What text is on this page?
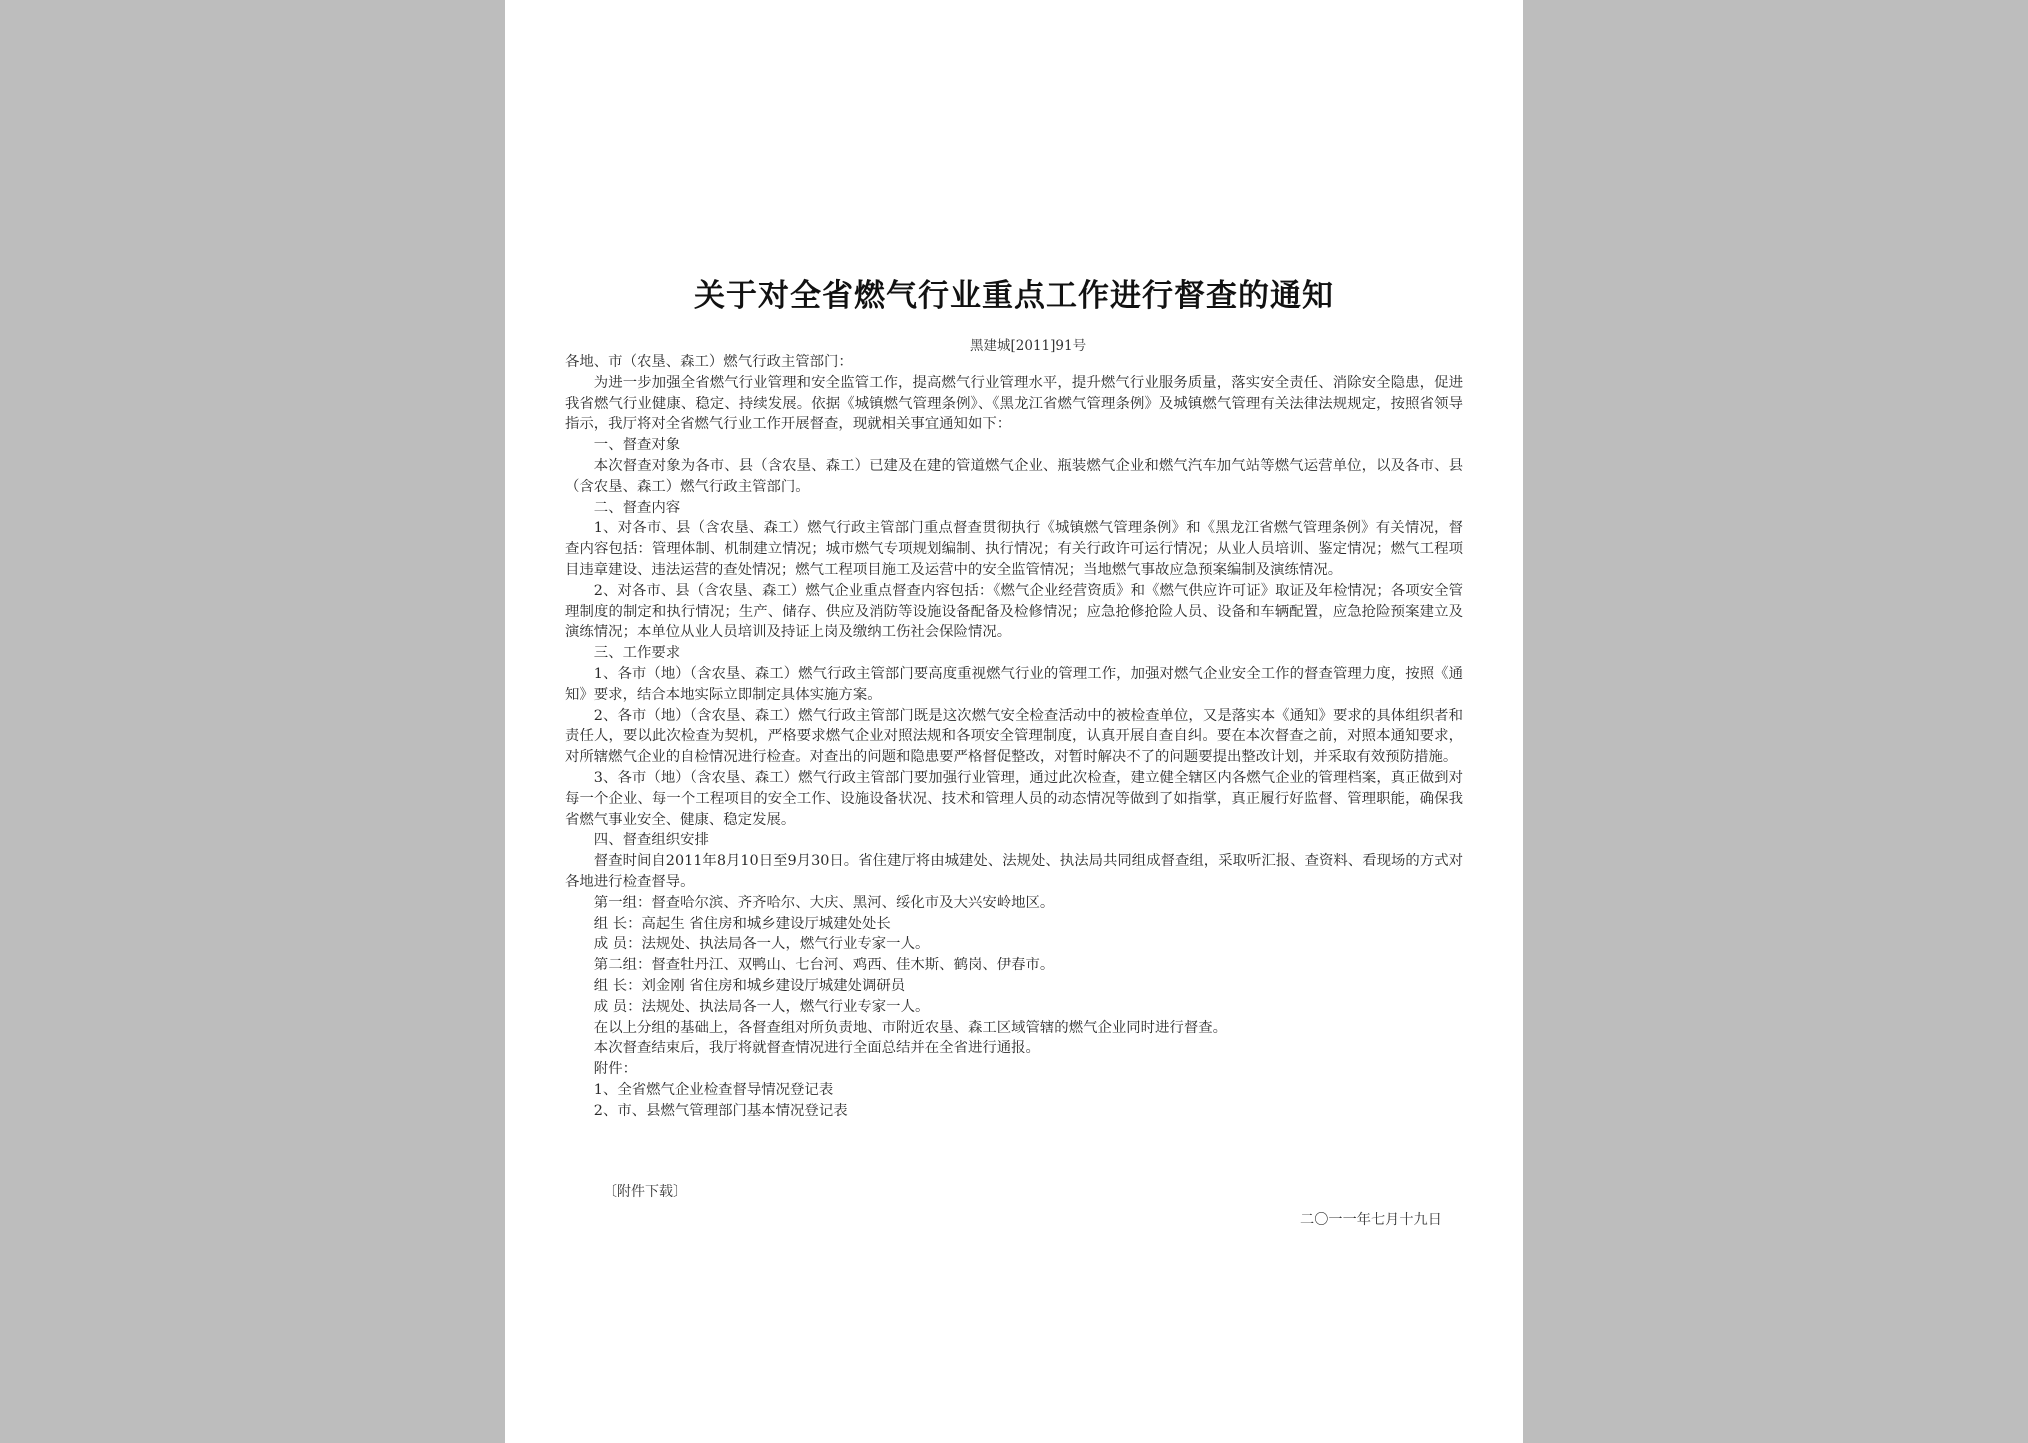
关于对全省燃气行业重点工作进行督查的通知
黑建城[2011]91号

各地、市（农垦、森工）燃气行政主管部门：

为进一步加强全省燃气行业管理和安全监管工作，提高燃气行业管理水平，提升燃气行业服务质量，落实安全责任、消除安全隐患，促进我省燃气行业健康、稳定、持续发展。依据《城镇燃气管理条例》、《黑龙江省燃气管理条例》及城镇燃气管理有关法律法规规定，按照省领导指示，我厅将对全省燃气行业工作开展督查，现就相关事宜通知如下：

一、督查对象

本次督查对象为各市、县（含农垦、森工）已建及在建的管道燃气企业、瓶装燃气企业和燃气汽车加气站等燃气运营单位，以及各市、县（含农垦、森工）燃气行政主管部门。

二、督查内容

1、对各市、县（含农垦、森工）燃气行政主管部门重点督查贯彻执行《城镇燃气管理条例》和《黑龙江省燃气管理条例》有关情况，督查内容包括：管理体制、机制建立情况；城市燃气专项规划编制、执行情况；有关行政许可运行情况；从业人员培训、鉴定情况；燃气工程项目违章建设、违法运营的查处情况；燃气工程项目施工及运营中的安全监管情况；当地燃气事故应急预案编制及演练情况。

2、对各市、县（含农垦、森工）燃气企业重点督查内容包括：《燃气企业经营资质》和《燃气供应许可证》取证及年检情况；各项安全管理制度的制定和执行情况；生产、储存、供应及消防等设施设备配备及检修情况；应急抢修抢险人员、设备和车辆配置，应急抢险预案建立及演练情况；本单位从业人员培训及持证上岗及缴纳工伤社会保险情况。

三、工作要求

1、各市（地）（含农垦、森工）燃气行政主管部门要高度重视燃气行业的管理工作，加强对燃气企业安全工作的督查管理力度，按照《通知》要求，结合本地实际立即制定具体实施方案。

2、各市（地）（含农垦、森工）燃气行政主管部门既是这次燃气安全检查活动中的被检查单位，又是落实本《通知》要求的具体组织者和责任人，要以此次检查为契机，严格要求燃气企业对照法规和各项安全管理制度，认真开展自查自纠。要在本次督查之前，对照本通知要求，对所辖燃气企业的自检情况进行检查。对查出的问题和隐患要严格督促整改，对暂时解决不了的问题要提出整改计划，并采取有效预防措施。

3、各市（地）（含农垦、森工）燃气行政主管部门要加强行业管理，通过此次检查，建立健全辖区内各燃气企业的管理档案，真正做到对每一个企业、每一个工程项目的安全工作、设施设备状况、技术和管理人员的动态情况等做到了如指掌，真正履行好监督、管理职能，确保我省燃气事业安全、健康、稳定发展。

四、督查组织安排

督查时间自2011年8月10日至9月30日。省住建厅将由城建处、法规处、执法局共同组成督查组，采取听汇报、查资料、看现场的方式对各地进行检查督导。

第一组：督查哈尔滨、齐齐哈尔、大庆、黑河、绥化市及大兴安岭地区。

组 长：高起生 省住房和城乡建设厅城建处处长

成 员：法规处、执法局各一人，燃气行业专家一人。

第二组：督查牡丹江、双鸭山、七台河、鸡西、佳木斯、鹤岗、伊春市。

组 长：刘金刚 省住房和城乡建设厅城建处调研员

成 员：法规处、执法局各一人，燃气行业专家一人。

在以上分组的基础上，各督查组对所负责地、市附近农垦、森工区域管辖的燃气企业同时进行督查。

本次督查结束后，我厅将就督查情况进行全面总结并在全省进行通报。

附件：

1、全省燃气企业检查督导情况登记表

2、市、县燃气管理部门基本情况登记表

〔附件下载〕
二〇一一年七月十九日
